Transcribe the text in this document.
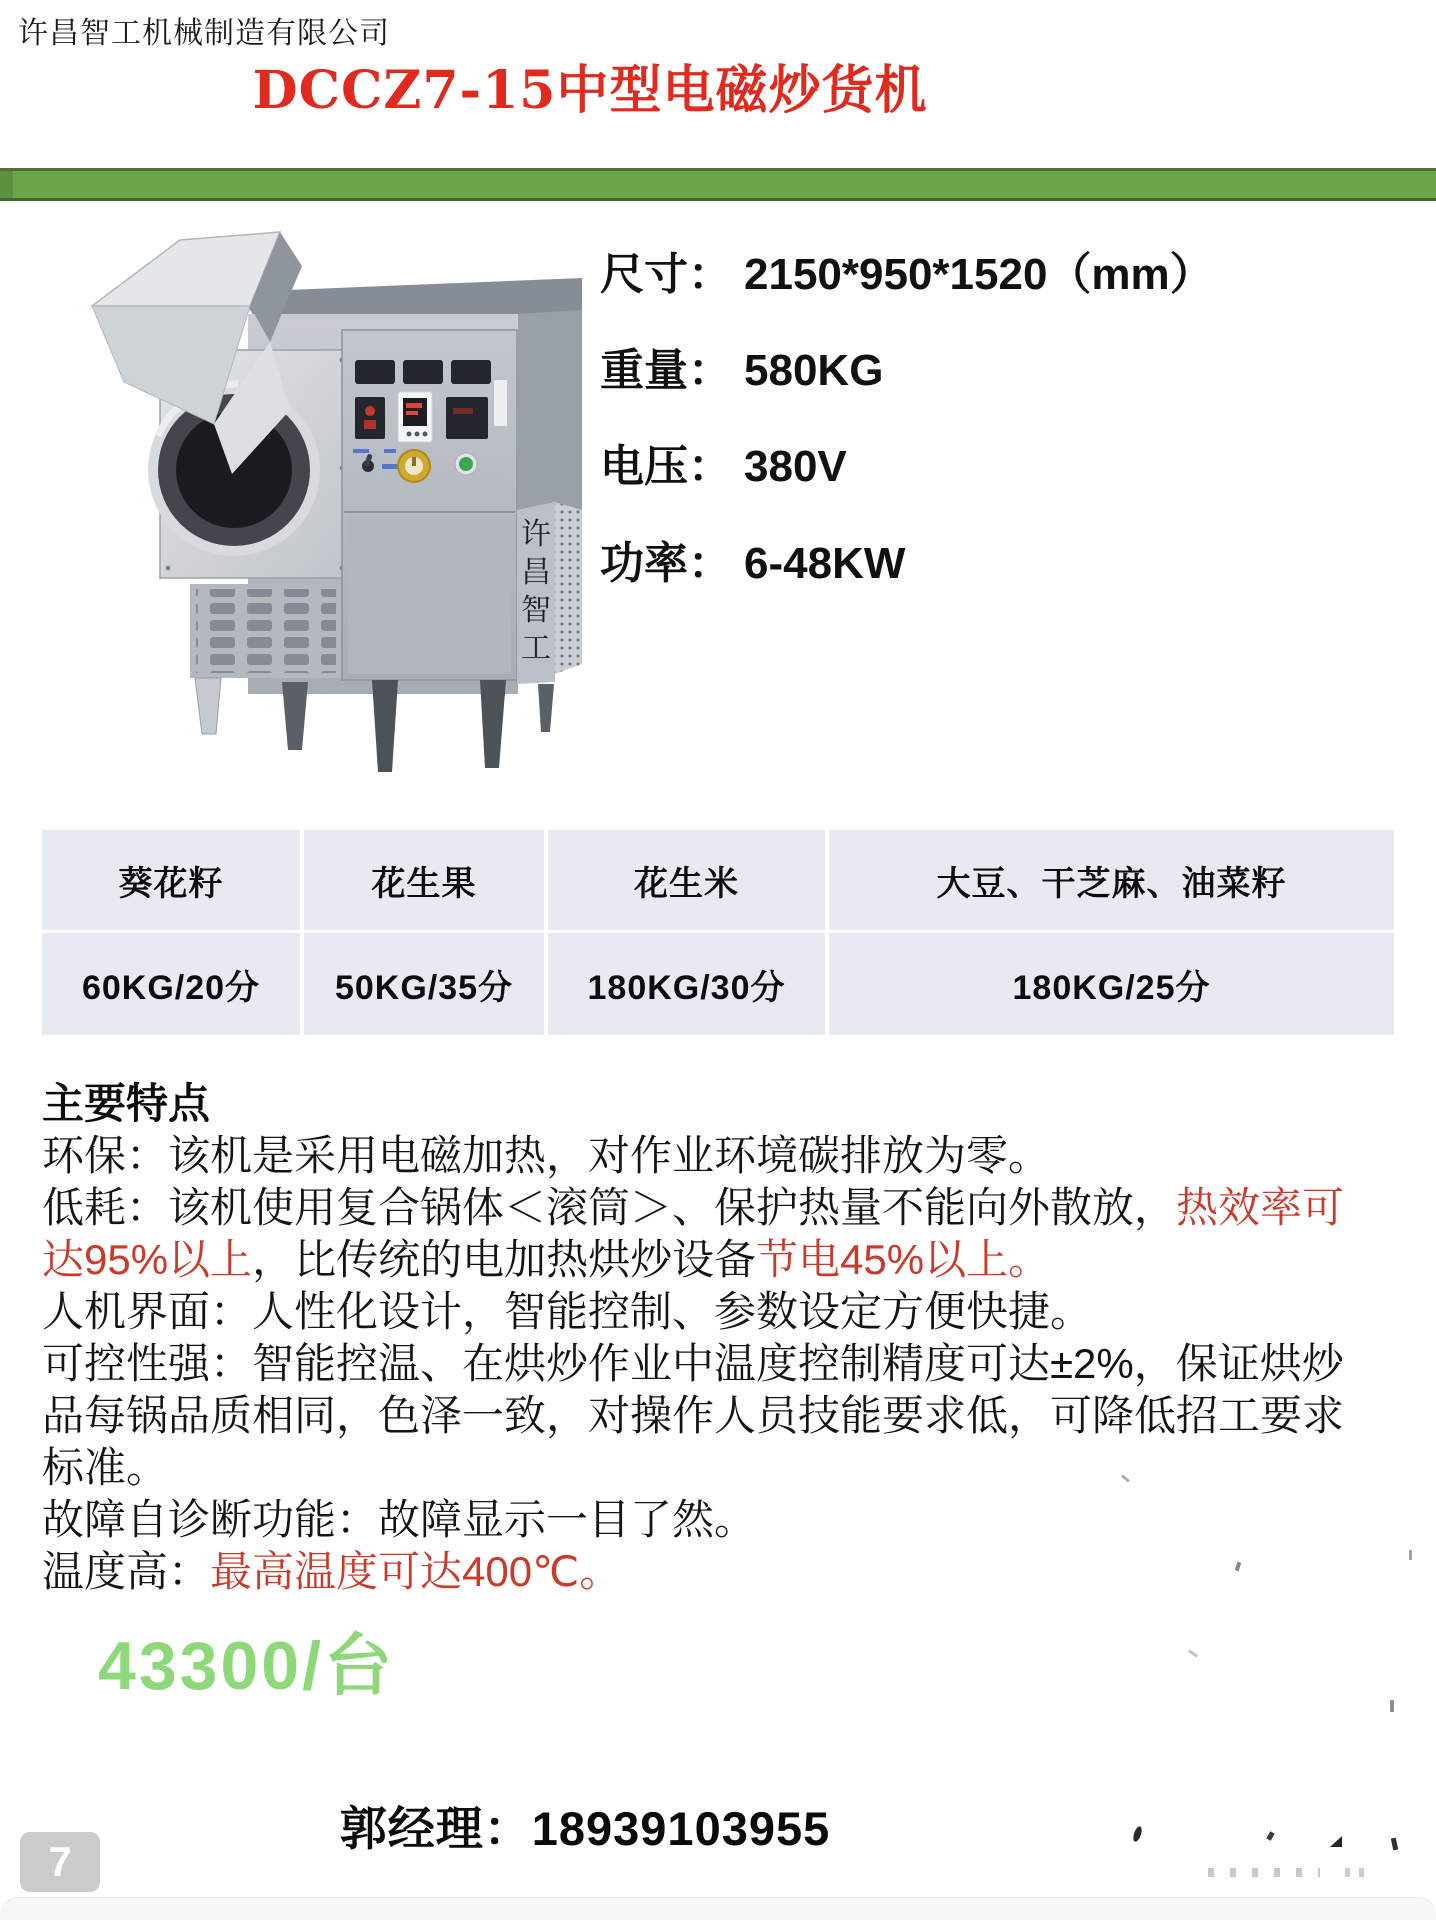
许昌智工机械制造有限公司
DCCZ7-15中型电磁炒货机
许
昌
智
工
尺寸： 2150*950*1520（mm）
重量： 580KG
电压： 380V
功率： 6-48KW
葵花籽	花生果	花生米	大豆、干芝麻、油菜籽
60KG/20分	50KG/35分	180KG/30分	180KG/25分
主要特点

环保：该机是采用电磁加热，对作业环境碳排放为零。

低耗：该机使用复合锅体＜滚筒＞、保护热量不能向外散放，热效率可达95%以上，比传统的电加热烘炒设备节电45%以上。

人机界面：人性化设计，智能控制、参数设定方便快捷。

可控性强：智能控温、在烘炒作业中温度控制精度可达±2%，保证烘炒品每锅品质相同，色泽一致，对操作人员技能要求低，可降低招工要求标准。

故障自诊断功能：故障显示一目了然。

温度高：最高温度可达400℃。

43300/台
郭经理：18939103955
7
